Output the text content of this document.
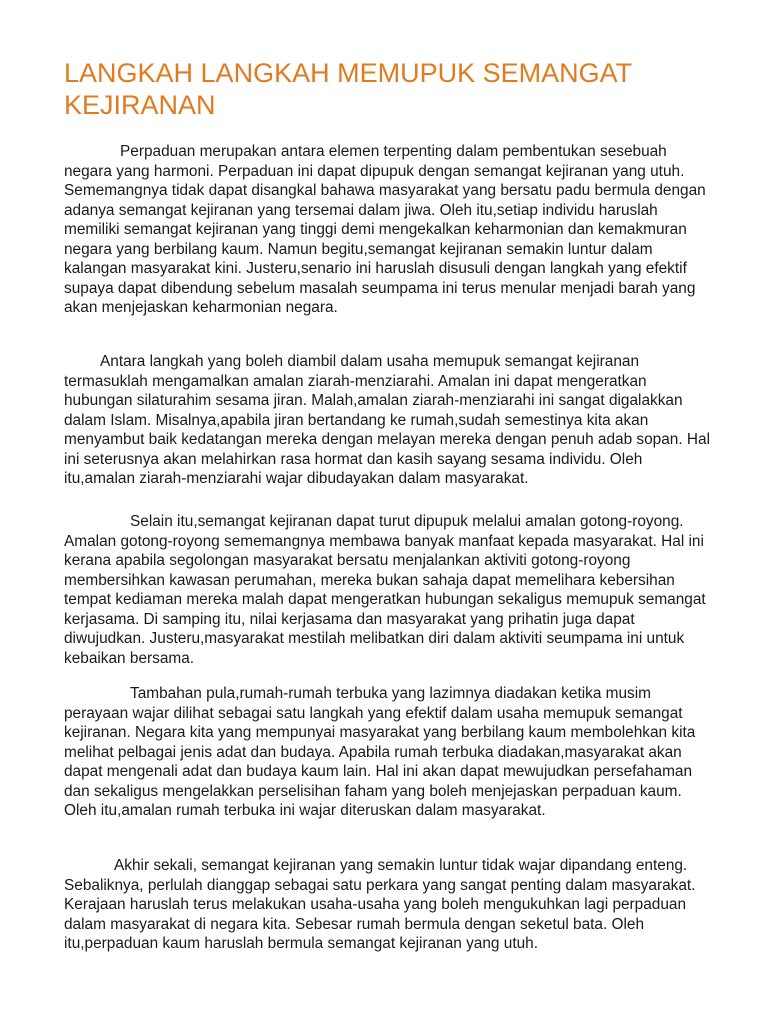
LANGKAH LANGKAH MEMUPUK SEMANGAT KEJIRANAN

Perpaduan merupakan antara elemen terpenting dalam pembentukan sesebuah negara yang harmoni. Perpaduan ini dapat dipupuk dengan semangat kejiranan yang utuh. Sememangnya tidak dapat disangkal bahawa masyarakat yang bersatu padu bermula dengan adanya semangat kejiranan yang tersemai dalam jiwa. Oleh itu,setiap individu haruslah memiliki semangat kejiranan yang tinggi demi mengekalkan keharmonian dan kemakmuran negara yang berbilang kaum. Namun begitu,semangat kejiranan semakin luntur dalam kalangan masyarakat kini. Justeru,senario ini haruslah disusuli dengan langkah yang efektif supaya dapat dibendung sebelum masalah seumpama ini terus menular menjadi barah yang akan menjejaskan keharmonian negara.

Antara langkah yang boleh diambil dalam usaha memupuk semangat kejiranan termasuklah mengamalkan amalan ziarah-menziarahi. Amalan ini dapat mengeratkan hubungan silaturahim sesama jiran. Malah,amalan ziarah-menziarahi ini sangat digalakkan dalam Islam. Misalnya,apabila jiran bertandang ke rumah,sudah semestinya kita akan menyambut baik kedatangan mereka dengan melayan mereka dengan penuh adab sopan. Hal ini seterusnya akan melahirkan rasa hormat dan kasih sayang sesama individu. Oleh itu,amalan ziarah-menziarahi wajar dibudayakan dalam masyarakat.

Selain itu,semangat kejiranan dapat turut dipupuk melalui amalan gotong-royong. Amalan gotong-royong sememangnya membawa banyak manfaat kepada masyarakat. Hal ini kerana apabila segolongan masyarakat bersatu menjalankan aktiviti gotong-royong membersihkan kawasan perumahan, mereka bukan sahaja dapat memelihara kebersihan tempat kediaman mereka malah dapat mengeratkan hubungan sekaligus memupuk semangat kerjasama. Di samping itu, nilai kerjasama dan masyarakat yang prihatin juga dapat diwujudkan. Justeru,masyarakat mestilah melibatkan diri dalam aktiviti seumpama ini untuk kebaikan bersama.

Tambahan pula,rumah-rumah terbuka yang lazimnya diadakan ketika musim perayaan wajar dilihat sebagai satu langkah yang efektif dalam usaha memupuk semangat kejiranan. Negara kita yang mempunyai masyarakat yang berbilang kaum membolehkan kita melihat pelbagai jenis adat dan budaya. Apabila rumah terbuka diadakan,masyarakat akan dapat mengenali adat dan budaya kaum lain. Hal ini akan dapat mewujudkan persefahaman dan sekaligus mengelakkan perselisihan faham yang boleh menjejaskan perpaduan kaum. Oleh itu,amalan rumah terbuka ini wajar diteruskan dalam masyarakat.

Akhir sekali, semangat kejiranan yang semakin luntur tidak wajar dipandang enteng. Sebaliknya, perlulah dianggap sebagai satu perkara yang sangat penting dalam masyarakat. Kerajaan haruslah terus melakukan usaha-usaha yang boleh mengukuhkan lagi perpaduan dalam masyarakat di negara kita. Sebesar rumah bermula dengan seketul bata. Oleh itu,perpaduan kaum haruslah bermula semangat kejiranan yang utuh.
